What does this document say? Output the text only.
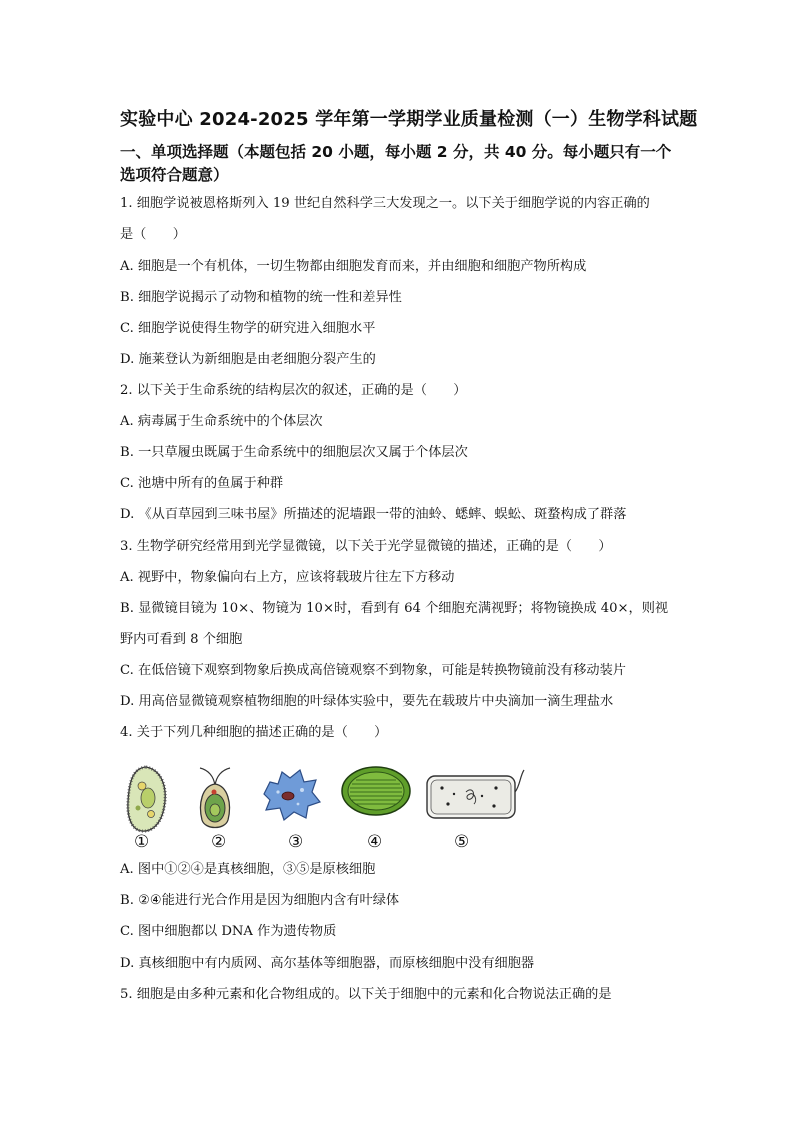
实验中心 2024-2025 学年第一学期学业质量检测（一）生物学科试题
一、单项选择题（本题包括 20 小题，每小题 2 分，共 40 分。每小题只有一个选项符合题意）
1. 细胞学说被恩格斯列入 19 世纪自然科学三大发现之一。以下关于细胞学说的内容正确的
是（　　）
A. 细胞是一个有机体，一切生物都由细胞发育而来，并由细胞和细胞产物所构成
B. 细胞学说揭示了动物和植物的统一性和差异性
C. 细胞学说使得生物学的研究进入细胞水平
D. 施莱登认为新细胞是由老细胞分裂产生的
2. 以下关于生命系统的结构层次的叙述，正确的是（　　）
A. 病毒属于生命系统中的个体层次
B. 一只草履虫既属于生命系统中的细胞层次又属于个体层次
C. 池塘中所有的鱼属于种群
D. 《从百草园到三味书屋》所描述的泥墙跟一带的油蛉、蟋蟀、蜈蚣、斑蝥构成了群落
3. 生物学研究经常用到光学显微镜，以下关于光学显微镜的描述，正确的是（　　）
A. 视野中，物象偏向右上方，应该将载玻片往左下方移动
B. 显微镜目镜为 10×、物镜为 10×时，看到有 64 个细胞充满视野；将物镜换成 40×，则视
野内可看到 8 个细胞
C. 在低倍镜下观察到物象后换成高倍镜观察不到物象，可能是转换物镜前没有移动装片
D. 用高倍显微镜观察植物细胞的叶绿体实验中，要先在载玻片中央滴加一滴生理盐水
4. 关于下列几种细胞的描述正确的是（　　）
①	②	③	④	⑤
A. 图中①②④是真核细胞，③⑤是原核细胞
B. ②④能进行光合作用是因为细胞内含有叶绿体
C. 图中细胞都以 DNA 作为遗传物质
D. 真核细胞中有内质网、高尔基体等细胞器，而原核细胞中没有细胞器
5. 细胞是由多种元素和化合物组成的。以下关于细胞中的元素和化合物说法正确的是
